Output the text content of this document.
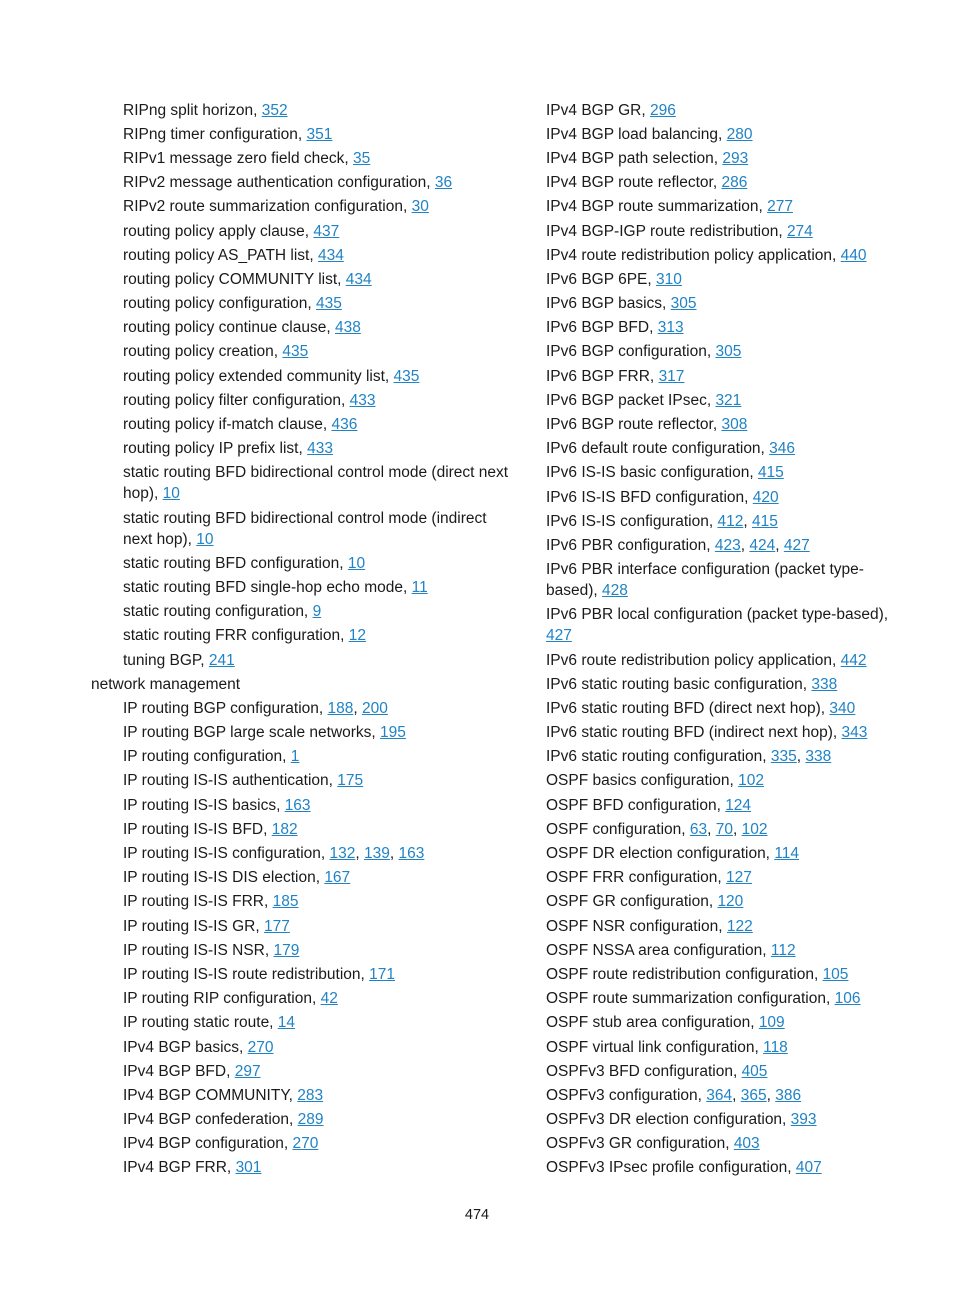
RIPng split horizon, 352
RIPng timer configuration, 351
RIPv1 message zero field check, 35
RIPv2 message authentication configuration, 36
RIPv2 route summarization configuration, 30
routing policy apply clause, 437
routing policy AS_PATH list, 434
routing policy COMMUNITY list, 434
routing policy configuration, 435
routing policy continue clause, 438
routing policy creation, 435
routing policy extended community list, 435
routing policy filter configuration, 433
routing policy if-match clause, 436
routing policy IP prefix list, 433
static routing BFD bidirectional control mode (direct next hop), 10
static routing BFD bidirectional control mode (indirect next hop), 10
static routing BFD configuration, 10
static routing BFD single-hop echo mode, 11
static routing configuration, 9
static routing FRR configuration, 12
tuning BGP, 241
network management
IP routing BGP configuration, 188, 200
IP routing BGP large scale networks, 195
IP routing configuration, 1
IP routing IS-IS authentication, 175
IP routing IS-IS basics, 163
IP routing IS-IS BFD, 182
IP routing IS-IS configuration, 132, 139, 163
IP routing IS-IS DIS election, 167
IP routing IS-IS FRR, 185
IP routing IS-IS GR, 177
IP routing IS-IS NSR, 179
IP routing IS-IS route redistribution, 171
IP routing RIP configuration, 42
IP routing static route, 14
IPv4 BGP basics, 270
IPv4 BGP BFD, 297
IPv4 BGP COMMUNITY, 283
IPv4 BGP confederation, 289
IPv4 BGP configuration, 270
IPv4 BGP FRR, 301
IPv4 BGP GR, 296
IPv4 BGP load balancing, 280
IPv4 BGP path selection, 293
IPv4 BGP route reflector, 286
IPv4 BGP route summarization, 277
IPv4 BGP-IGP route redistribution, 274
IPv4 route redistribution policy application, 440
IPv6 BGP 6PE, 310
IPv6 BGP basics, 305
IPv6 BGP BFD, 313
IPv6 BGP configuration, 305
IPv6 BGP FRR, 317
IPv6 BGP packet IPsec, 321
IPv6 BGP route reflector, 308
IPv6 default route configuration, 346
IPv6 IS-IS basic configuration, 415
IPv6 IS-IS BFD configuration, 420
IPv6 IS-IS configuration, 412, 415
IPv6 PBR configuration, 423, 424, 427
IPv6 PBR interface configuration (packet type-based), 428
IPv6 PBR local configuration (packet type-based), 427
IPv6 route redistribution policy application, 442
IPv6 static routing basic configuration, 338
IPv6 static routing BFD (direct next hop), 340
IPv6 static routing BFD (indirect next hop), 343
IPv6 static routing configuration, 335, 338
OSPF basics configuration, 102
OSPF BFD configuration, 124
OSPF configuration, 63, 70, 102
OSPF DR election configuration, 114
OSPF FRR configuration, 127
OSPF GR configuration, 120
OSPF NSR configuration, 122
OSPF NSSA area configuration, 112
OSPF route redistribution configuration, 105
OSPF route summarization configuration, 106
OSPF stub area configuration, 109
OSPF virtual link configuration, 118
OSPFv3 BFD configuration, 405
OSPFv3 configuration, 364, 365, 386
OSPFv3 DR election configuration, 393
OSPFv3 GR configuration, 403
OSPFv3 IPsec profile configuration, 407
474
